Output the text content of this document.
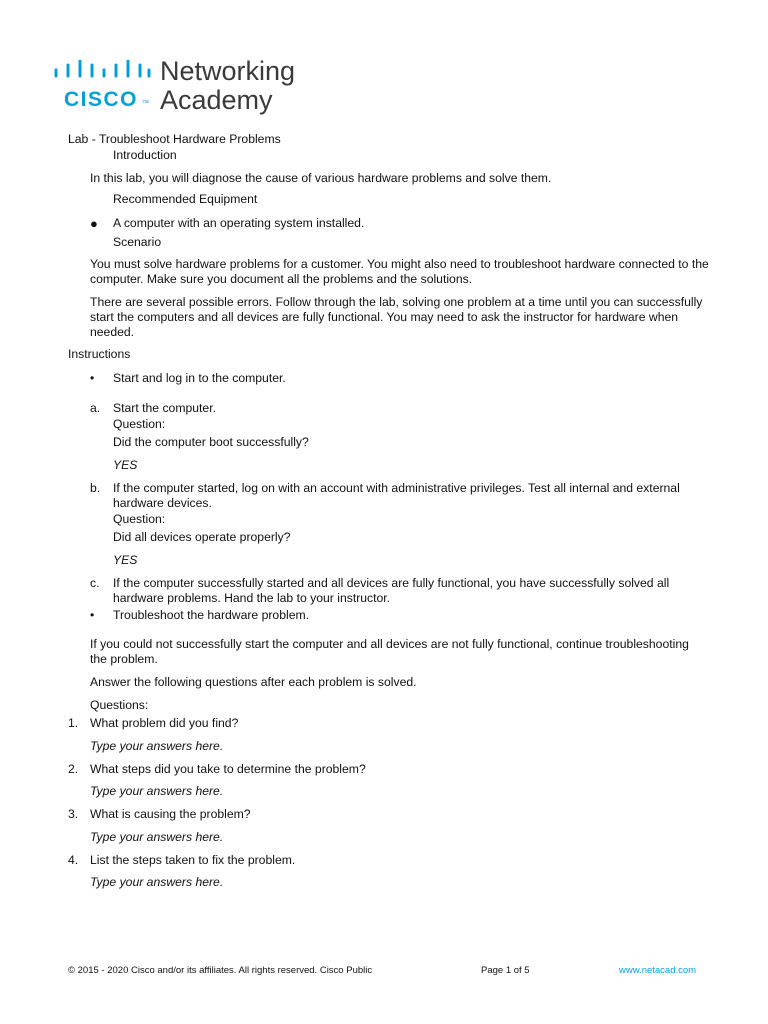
CISCO ™
Networking
Academy
Lab - Troubleshoot Hardware Problems
Introduction
In this lab, you will diagnose the cause of various hardware problems and solve them.
Recommended Equipment
● A computer with an operating system installed.
Scenario
You must solve hardware problems for a customer. You might also need to troubleshoot hardware connected to the computer. Make sure you document all the problems and the solutions.
There are several possible errors. Follow through the lab, solving one problem at a time until you can successfully start the computers and all devices are fully functional. You may need to ask the instructor for hardware when needed.
Instructions
• Start and log in to the computer.
a. Start the computer.
Question:
Did the computer boot successfully?
YES
b. If the computer started, log on with an account with administrative privileges. Test all internal and external hardware devices.
Question:
Did all devices operate properly?
YES
c. If the computer successfully started and all devices are fully functional, you have successfully solved all hardware problems. Hand the lab to your instructor.
• Troubleshoot the hardware problem.
If you could not successfully start the computer and all devices are not fully functional, continue troubleshooting the problem.
Answer the following questions after each problem is solved.
Questions:
1. What problem did you find?
Type your answers here.
2. What steps did you take to determine the problem?
Type your answers here.
3. What is causing the problem?
Type your answers here.
4. List the steps taken to fix the problem.
Type your answers here.
© 2015 - 2020 Cisco and/or its affiliates. All rights reserved. Cisco Public	Page 1 of 5	www.netacad.com
